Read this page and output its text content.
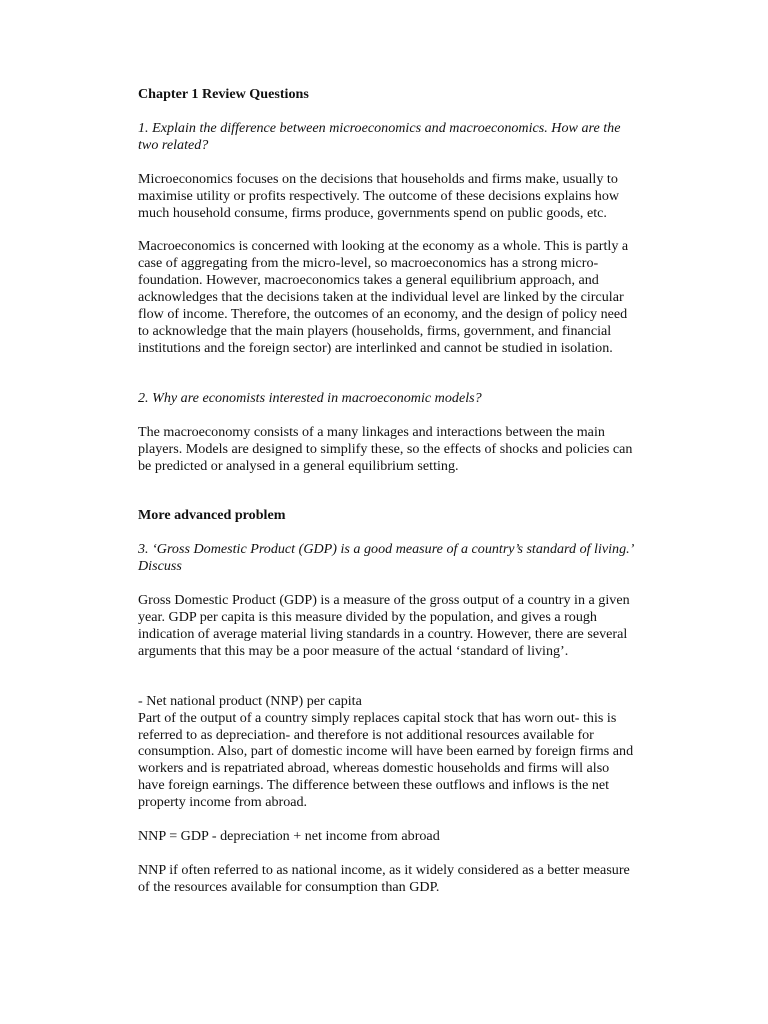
Chapter 1 Review Questions

1. Explain the difference between microeconomics and macroeconomics. How are the two related?

Microeconomics focuses on the decisions that households and firms make, usually to maximise utility or profits respectively. The outcome of these decisions explains how much household consume, firms produce, governments spend on public goods, etc.

Macroeconomics is concerned with looking at the economy as a whole. This is partly a case of aggregating from the micro-level, so macroeconomics has a strong micro-foundation. However, macroeconomics takes a general equilibrium approach, and acknowledges that the decisions taken at the individual level are linked by the circular flow of income. Therefore, the outcomes of an economy, and the design of policy need to acknowledge that the main players (households, firms, government, and financial institutions and the foreign sector) are interlinked and cannot be studied in isolation.

2. Why are economists interested in macroeconomic models?

The macroeconomy consists of a many linkages and interactions between the main players. Models are designed to simplify these, so the effects of shocks and policies can be predicted or analysed in a general equilibrium setting.

More advanced problem

3. ‘Gross Domestic Product (GDP) is a good measure of a country’s standard of living.’ Discuss

Gross Domestic Product (GDP) is a measure of the gross output of a country in a given year. GDP per capita is this measure divided by the population, and gives a rough indication of average material living standards in a country. However, there are several arguments that this may be a poor measure of the actual ‘standard of living’.

- Net national product (NNP) per capita

Part of the output of a country simply replaces capital stock that has worn out- this is referred to as depreciation- and therefore is not additional resources available for consumption. Also, part of domestic income will have been earned by foreign firms and workers and is repatriated abroad, whereas domestic households and firms will also have foreign earnings. The difference between these outflows and inflows is the net property income from abroad.

NNP = GDP - depreciation + net income from abroad

NNP if often referred to as national income, as it widely considered as a better measure of the resources available for consumption than GDP.
